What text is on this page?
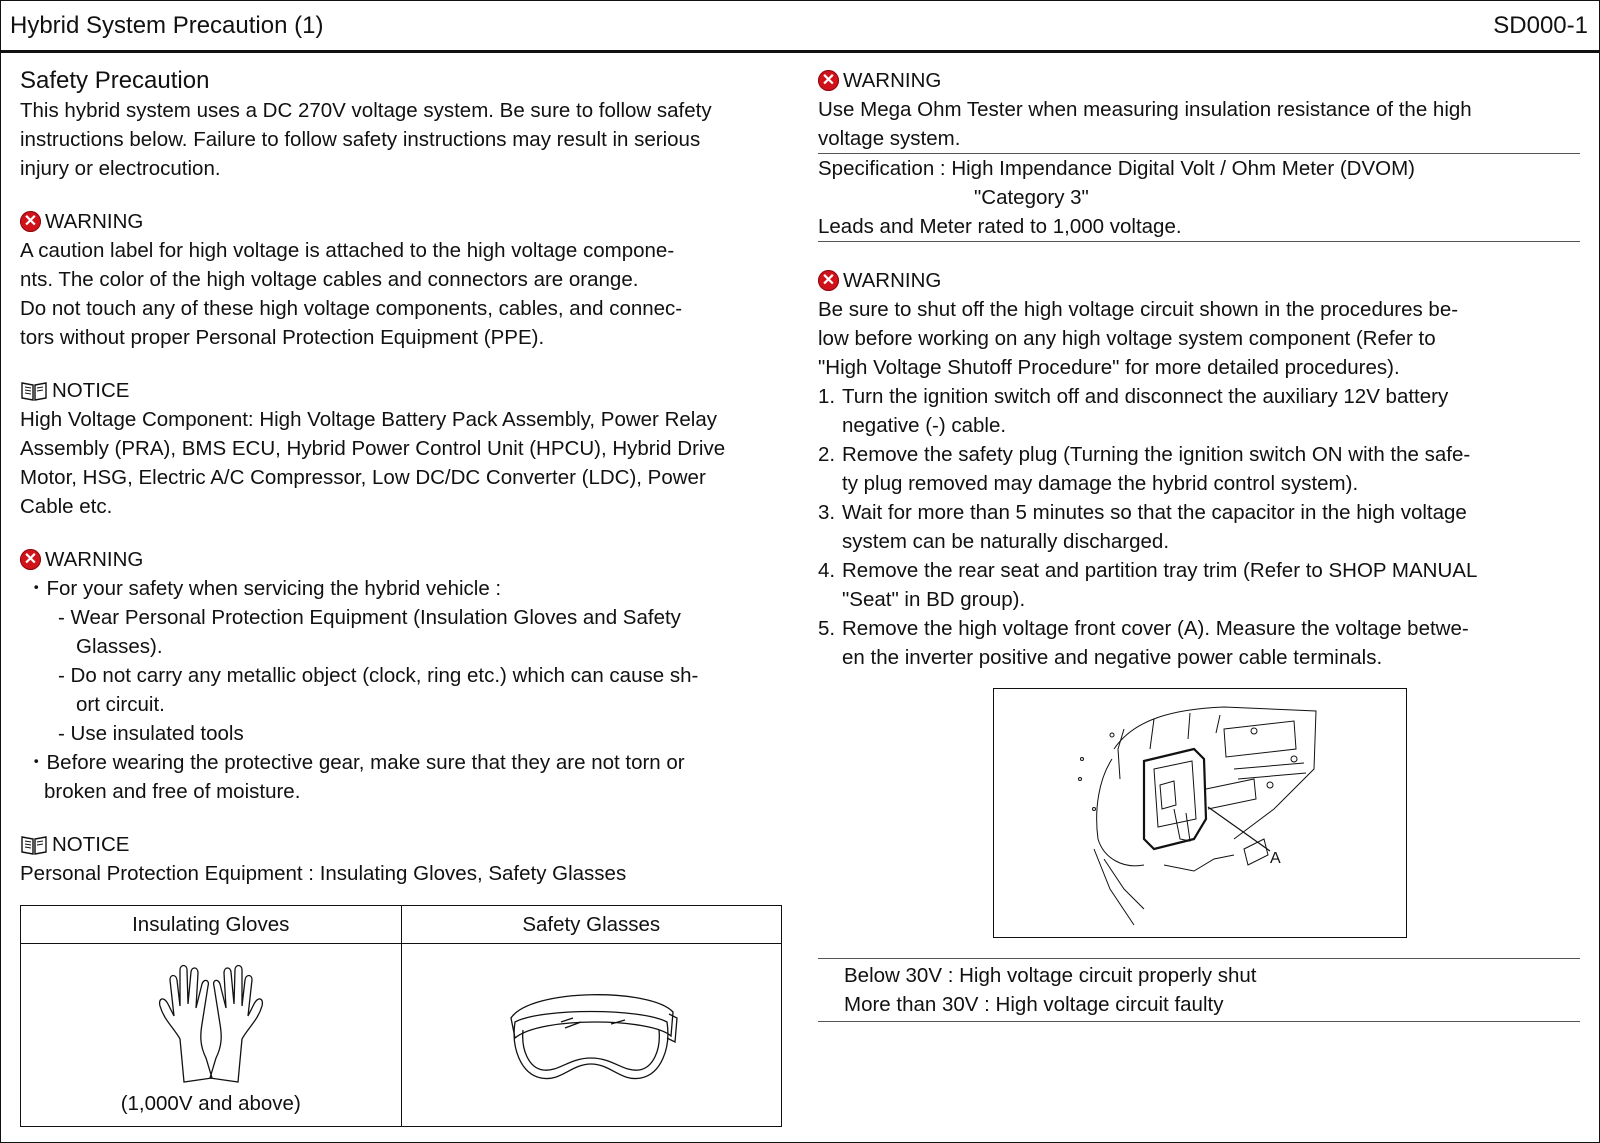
Hybrid System Precaution (1)	SD000-1
Safety Precaution
This hybrid system uses a DC 270V voltage system. Be sure to follow safety
instructions below. Failure to follow safety instructions may result in serious
injury or electrocution.
✕ WARNING
A caution label for high voltage is attached to the high voltage compone-
nts. The color of the high voltage cables and connectors are orange.
Do not touch any of these high voltage components, cables, and connec-
tors without proper Personal Protection Equipment (PPE).
NOTICE
High Voltage Component: High Voltage Battery Pack Assembly, Power Relay
Assembly (PRA), BMS ECU, Hybrid Power Control Unit (HPCU), Hybrid Drive
Motor, HSG, Electric A/C Compressor, Low DC/DC Converter (LDC), Power
Cable etc.
✕ WARNING
・For your safety when servicing the hybrid vehicle :
- Wear Personal Protection Equipment (Insulation Gloves and Safety
Glasses).
- Do not carry any metallic object (clock, ring etc.) which can cause sh-
ort circuit.
- Use insulated tools
・Before wearing the protective gear, make sure that they are not torn or
broken and free of moisture.
NOTICE
Personal Protection Equipment : Insulating Gloves, Safety Glasses
Insulating Gloves	Safety Glasses

(1,000V and above)

✕ WARNING
Use Mega Ohm Tester when measuring insulation resistance of the high
voltage system.
Specification : High Impendance Digital Volt / Ohm Meter (DVOM)
"Category 3"
Leads and Meter rated to 1,000 voltage.
✕ WARNING
Be sure to shut off the high voltage circuit shown in the procedures be-
low before working on any high voltage system component (Refer to
"High Voltage Shutoff Procedure" for more detailed procedures).
1. Turn the ignition switch off and disconnect the auxiliary 12V battery
negative (-) cable.
2. Remove the safety plug (Turning the ignition switch ON with the safe-
ty plug removed may damage the hybrid control system).
3. Wait for more than 5 minutes so that the capacitor in the high voltage
system can be naturally discharged.
4. Remove the rear seat and partition tray trim (Refer to SHOP MANUAL
"Seat" in BD group).
5. Remove the high voltage front cover (A). Measure the voltage betwe-
en the inverter positive and negative power cable terminals.
A
Below 30V : High voltage circuit properly shut
More than 30V : High voltage circuit faulty
